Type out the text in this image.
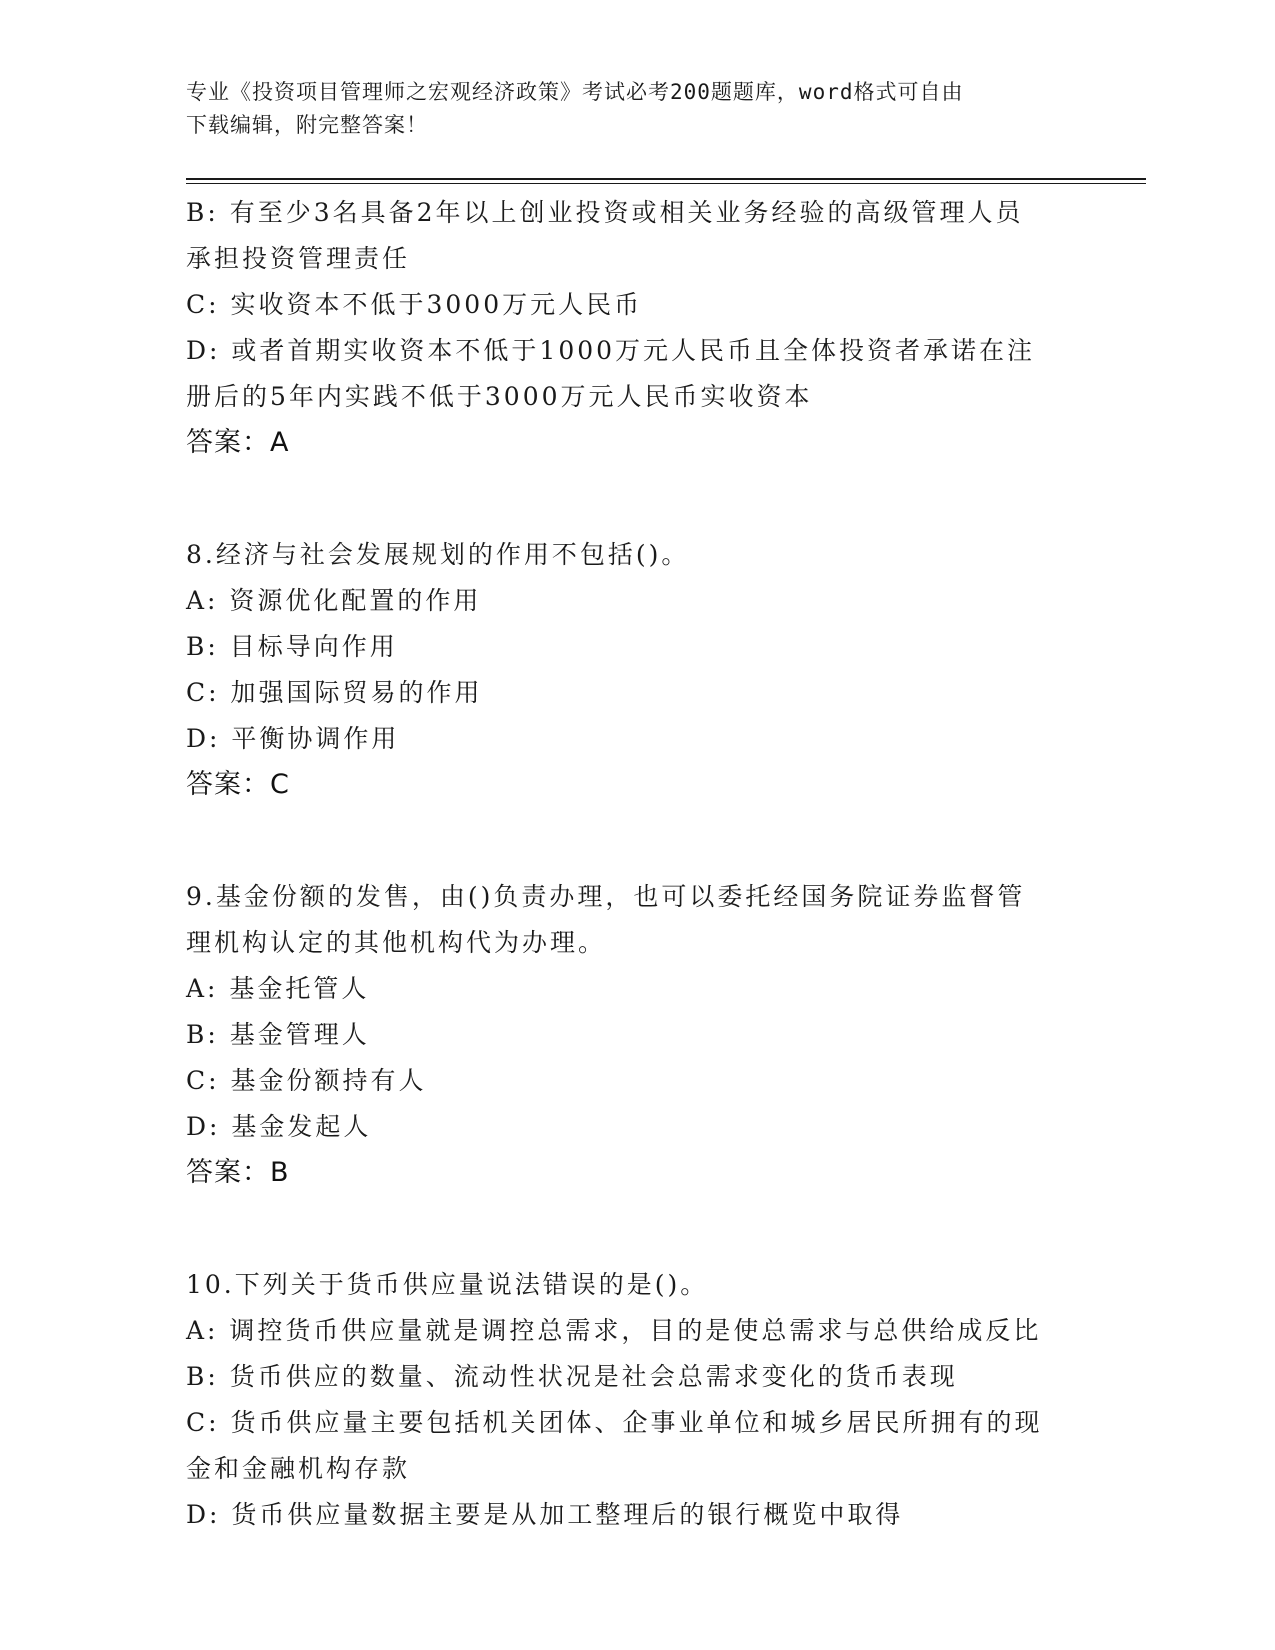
专业《投资项目管理师之宏观经济政策》考试必考200题题库，word格式可自由
下载编辑，附完整答案！
B: 有至少3名具备2年以上创业投资或相关业务经验的高级管理人员
承担投资管理责任
C: 实收资本不低于3000万元人民币
D: 或者首期实收资本不低于1000万元人民币且全体投资者承诺在注
册后的5年内实践不低于3000万元人民币实收资本
答案：A
8.经济与社会发展规划的作用不包括()。
A: 资源优化配置的作用
B: 目标导向作用
C: 加强国际贸易的作用
D: 平衡协调作用
答案：C
9.基金份额的发售，由()负责办理，也可以委托经国务院证券监督管
理机构认定的其他机构代为办理。
A: 基金托管人
B: 基金管理人
C: 基金份额持有人
D: 基金发起人
答案：B
10.下列关于货币供应量说法错误的是()。
A: 调控货币供应量就是调控总需求，目的是使总需求与总供给成反比
B: 货币供应的数量、流动性状况是社会总需求变化的货币表现
C: 货币供应量主要包括机关团体、企事业单位和城乡居民所拥有的现
金和金融机构存款
D: 货币供应量数据主要是从加工整理后的银行概览中取得
